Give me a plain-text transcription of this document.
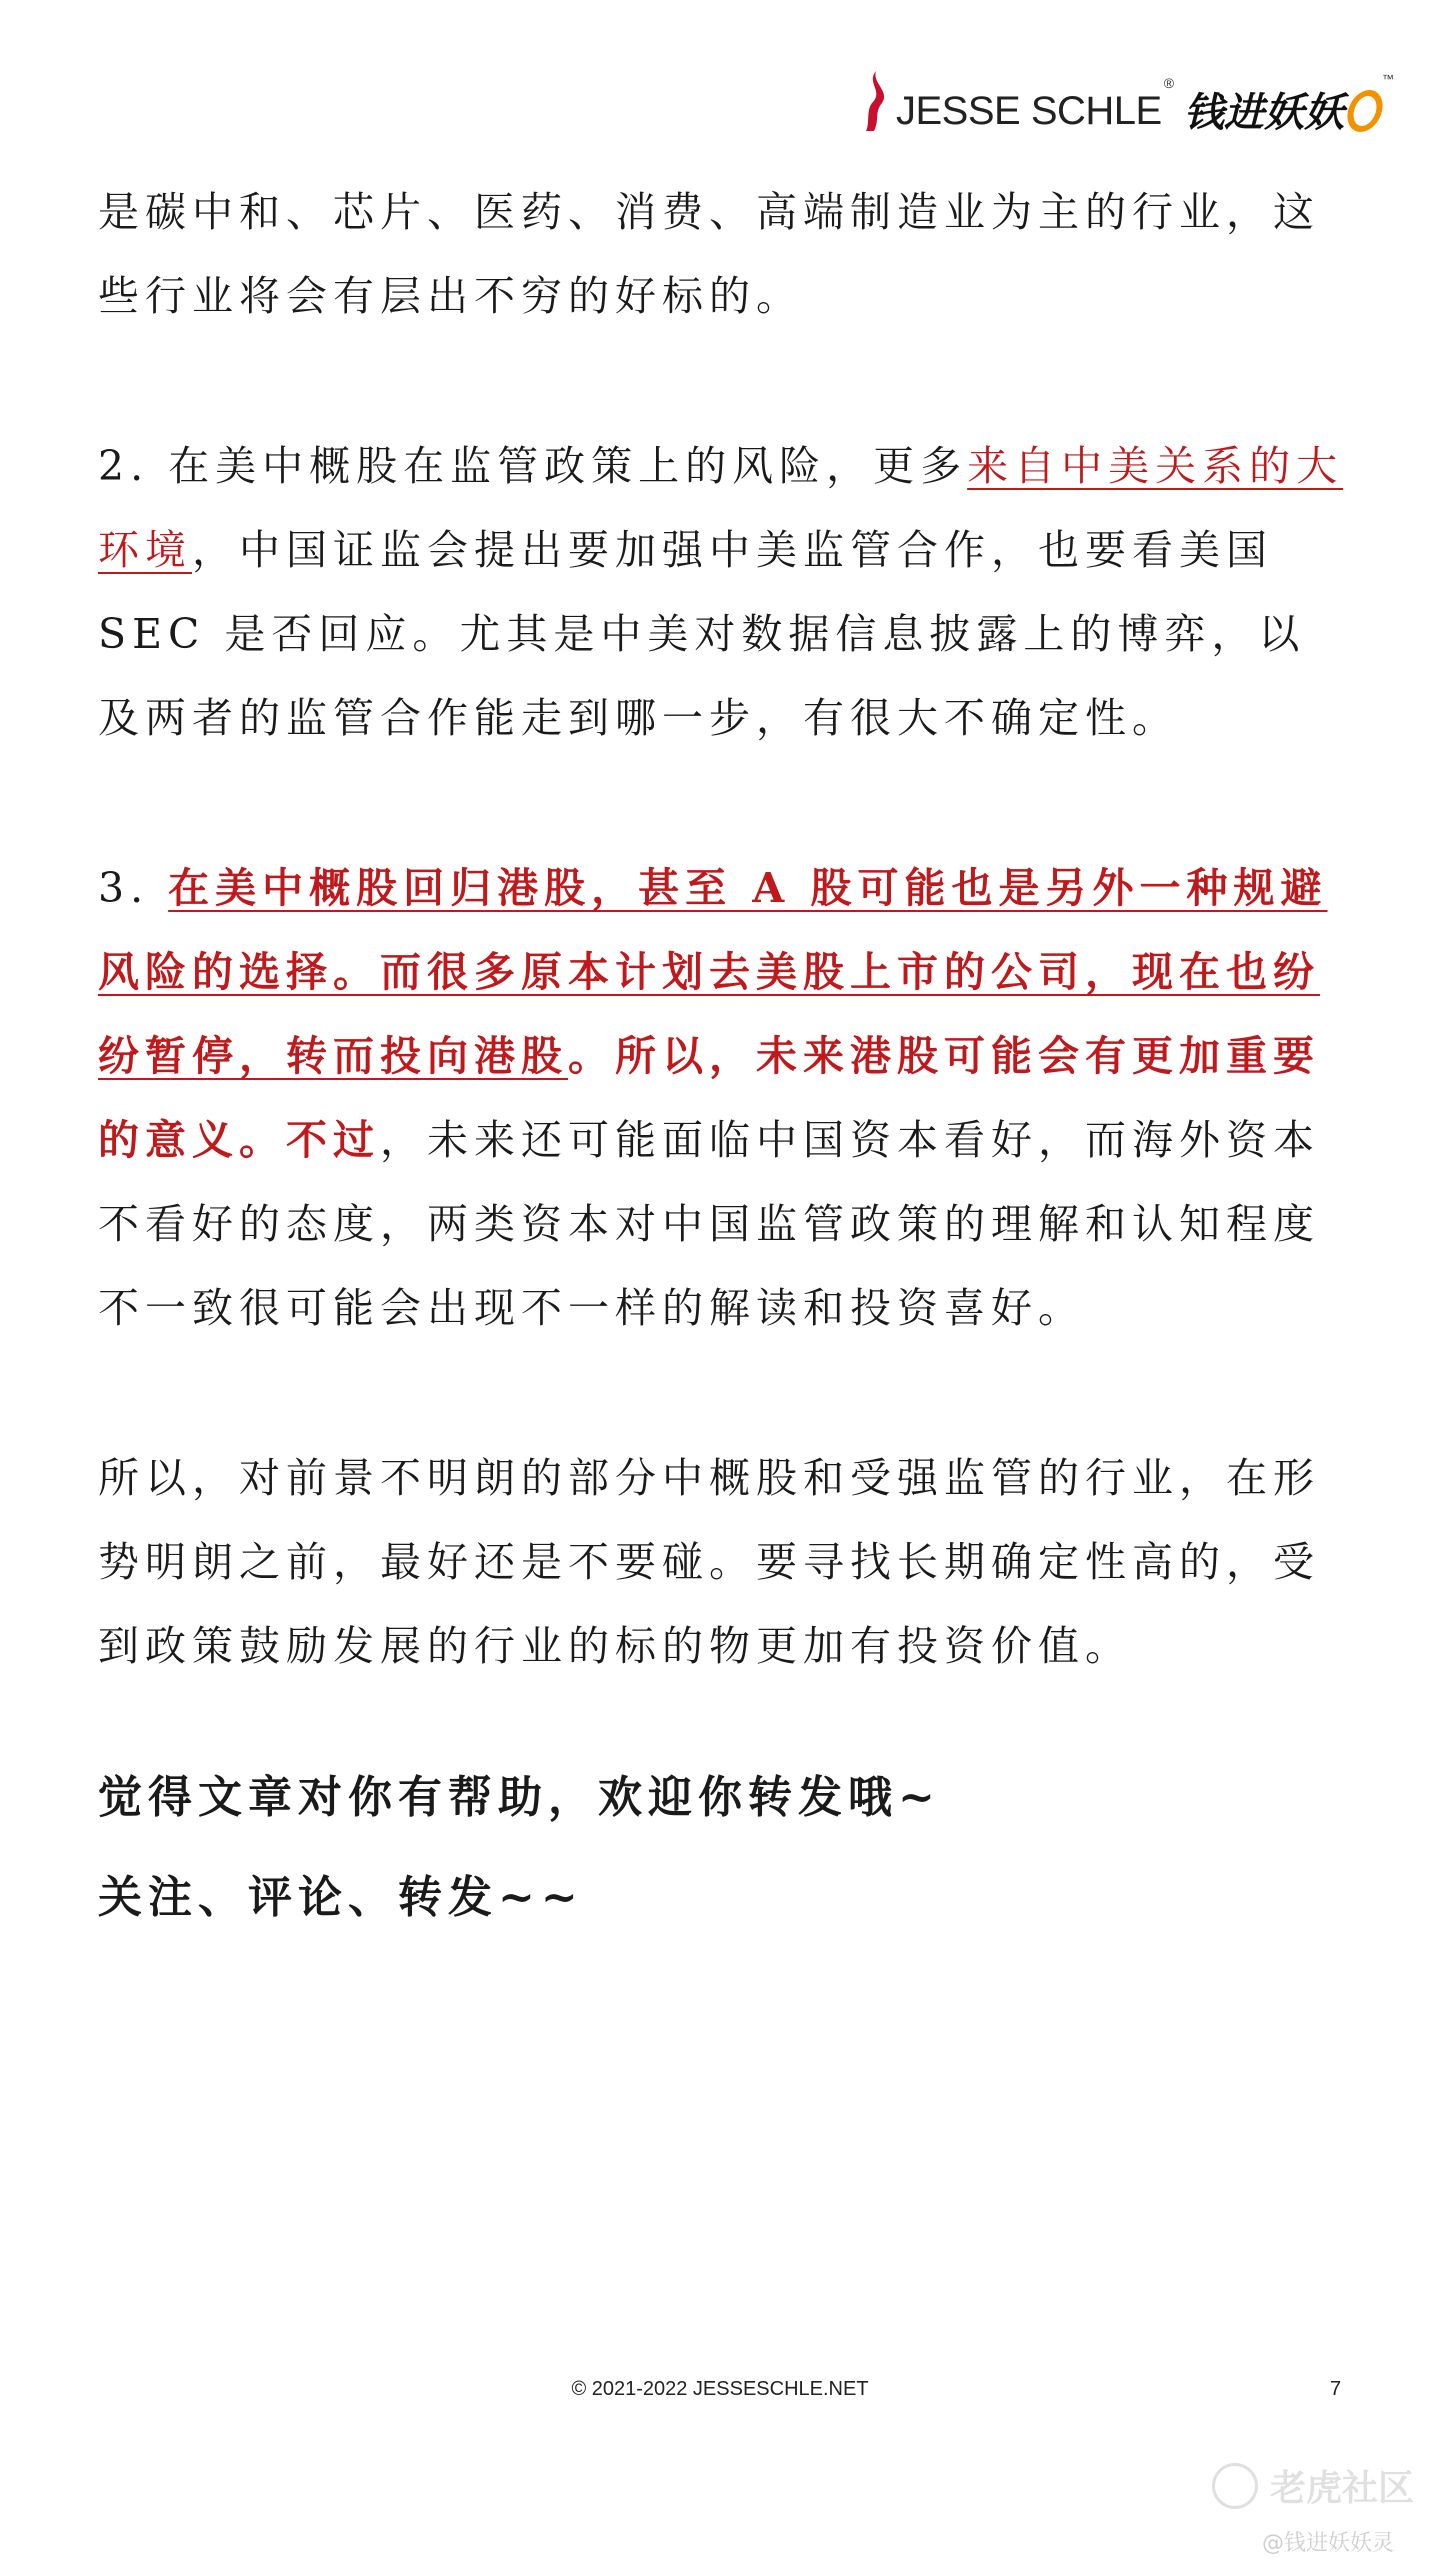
JESSE SCHLE
®
钱进妖妖
™

是碳中和、芯片、医药、消费、高端制造业为主的行业，这些行业将会有层出不穷的好标的。

2. 在美中概股在监管政策上的风险，更多来自中美关系的大环境，中国证监会提出要加强中美监管合作，也要看美国 SEC 是否回应。尤其是中美对数据信息披露上的博弈，以及两者的监管合作能走到哪一步，有很大不确定性。

3. 在美中概股回归港股，甚至 A 股可能也是另外一种规避风险的选择。而很多原本计划去美股上市的公司，现在也纷纷暂停，转而投向港股。所以，未来港股可能会有更加重要的意义。不过，未来还可能面临中国资本看好，而海外资本不看好的态度，两类资本对中国监管政策的理解和认知程度不一致很可能会出现不一样的解读和投资喜好。

所以，对前景不明朗的部分中概股和受强监管的行业，在形势明朗之前，最好还是不要碰。要寻找长期确定性高的，受到政策鼓励发展的行业的标的物更加有投资价值。

觉得文章对你有帮助，欢迎你转发哦~

关注、评论、转发~~

© 2021-2022 JESSESCHLE.NET	7
老虎社区
@钱进妖妖灵
